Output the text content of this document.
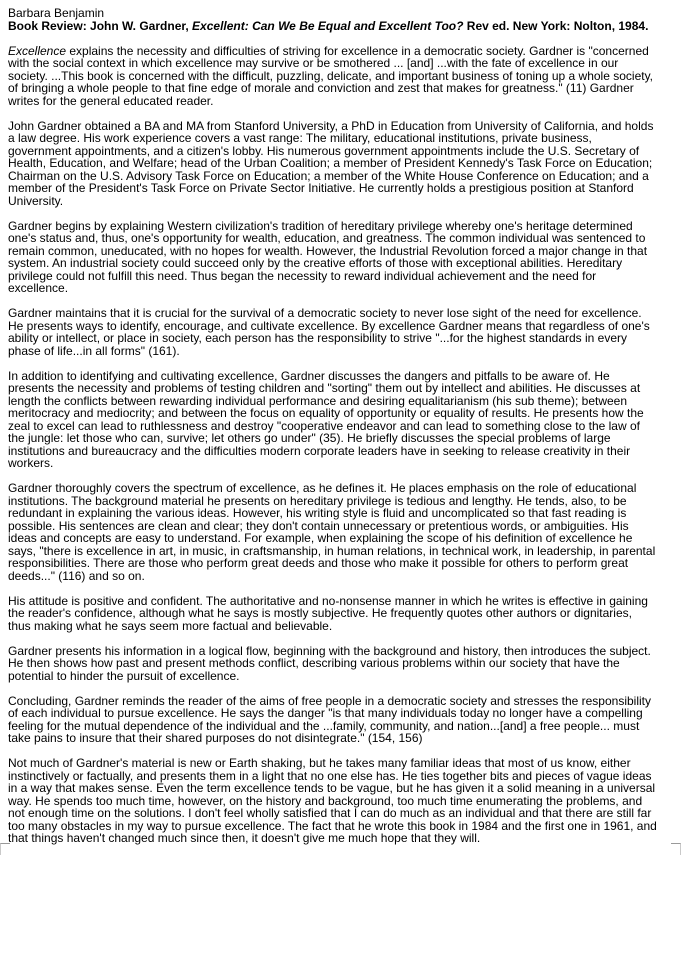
Barbara Benjamin

Book Review: John W. Gardner, Excellent: Can We Be Equal and Excellent Too? Rev ed. New York: Nolton, 1984.

Excellence explains the necessity and difficulties of striving for excellence in a democratic society. Gardner is "concerned with the social context in which excellence may survive or be smothered ... [and] ...with the fate of excellence in our society. ...This book is concerned with the difficult, puzzling, delicate, and important business of toning up a whole society, of bringing a whole people to that fine edge of morale and conviction and zest that makes for greatness." (11) Gardner writes for the general educated reader.

John Gardner obtained a BA and MA from Stanford University, a PhD in Education from University of California, and holds a law degree. His work experience covers a vast range: The military, educational institutions, private business, government appointments, and a citizen's lobby. His numerous government appointments include the U.S. Secretary of Health, Education, and Welfare; head of the Urban Coalition; a member of President Kennedy's Task Force on Education; Chairman on the U.S. Advisory Task Force on Education; a member of the White House Conference on Education; and a member of the President's Task Force on Private Sector Initiative. He currently holds a prestigious position at Stanford University.

Gardner begins by explaining Western civilization's tradition of hereditary privilege whereby one's heritage determined one's status and, thus, one's opportunity for wealth, education, and greatness. The common individual was sentenced to remain common, uneducated, with no hopes for wealth. However, the Industrial Revolution forced a major change in that system. An industrial society could succeed only by the creative efforts of those with exceptional abilities. Hereditary privilege could not fulfill this need. Thus began the necessity to reward individual achievement and the need for excellence.

Gardner maintains that it is crucial for the survival of a democratic society to never lose sight of the need for excellence. He presents ways to identify, encourage, and cultivate excellence. By excellence Gardner means that regardless of one's ability or intellect, or place in society, each person has the responsibility to strive "...for the highest standards in every phase of life...in all forms" (161).

In addition to identifying and cultivating excellence, Gardner discusses the dangers and pitfalls to be aware of. He presents the necessity and problems of testing children and "sorting" them out by intellect and abilities. He discusses at length the conflicts between rewarding individual performance and desiring equalitarianism (his sub theme); between meritocracy and mediocrity; and between the focus on equality of opportunity or equality of results. He presents how the zeal to excel can lead to ruthlessness and destroy "cooperative endeavor and can lead to something close to the law of the jungle: let those who can, survive; let others go under" (35). He briefly discusses the special problems of large institutions and bureaucracy and the difficulties modern corporate leaders have in seeking to release creativity in their workers.

Gardner thoroughly covers the spectrum of excellence, as he defines it. He places emphasis on the role of educational institutions. The background material he presents on hereditary privilege is tedious and lengthy. He tends, also, to be redundant in explaining the various ideas. However, his writing style is fluid and uncomplicated so that fast reading is possible. His sentences are clean and clear; they don't contain unnecessary or pretentious words, or ambiguities. His ideas and concepts are easy to understand. For example, when explaining the scope of his definition of excellence he says, "there is excellence in art, in music, in craftsmanship, in human relations, in technical work, in leadership, in parental responsibilities. There are those who perform great deeds and those who make it possible for others to perform great deeds..." (116) and so on.

His attitude is positive and confident. The authoritative and no-nonsense manner in which he writes is effective in gaining the reader's confidence, although what he says is mostly subjective. He frequently quotes other authors or dignitaries, thus making what he says seem more factual and believable.

Gardner presents his information in a logical flow, beginning with the background and history, then introduces the subject. He then shows how past and present methods conflict, describing various problems within our society that have the potential to hinder the pursuit of excellence.

Concluding, Gardner reminds the reader of the aims of free people in a democratic society and stresses the responsibility of each individual to pursue excellence. He says the danger "is that many individuals today no longer have a compelling feeling for the mutual dependence of the individual and the ...family, community, and nation...[and] a free people... must take pains to insure that their shared purposes do not disintegrate." (154, 156)

Not much of Gardner's material is new or Earth shaking, but he takes many familiar ideas that most of us know, either instinctively or factually, and presents them in a light that no one else has. He ties together bits and pieces of vague ideas in a way that makes sense. Even the term excellence tends to be vague, but he has given it a solid meaning in a universal way. He spends too much time, however, on the history and background, too much time enumerating the problems, and not enough time on the solutions. I don't feel wholly satisfied that I can do much as an individual and that there are still far too many obstacles in my way to pursue excellence. The fact that he wrote this book in 1984 and the first one in 1961, and that things haven't changed much since then, it doesn't give me much hope that they will.
